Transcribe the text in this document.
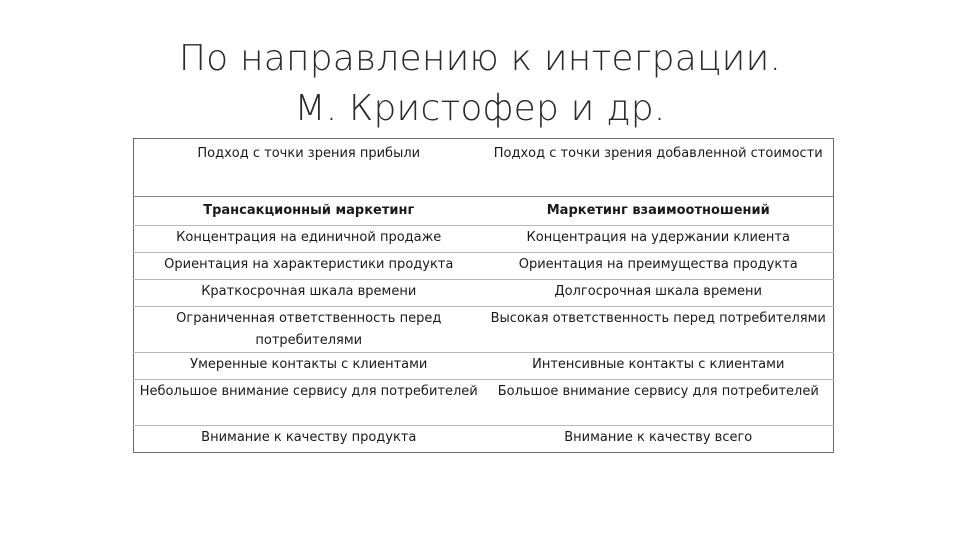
По направлению к интеграции.
М. Кристофер и др.
Подход с точки зрения прибыли	Подход с точки зрения добавленной стоимости
Трансакционный маркетинг	Маркетинг взаимоотношений
Концентрация на единичной продаже	Концентрация на удержании клиента
Ориентация на характеристики продукта	Ориентация на преимущества продукта
Краткосрочная шкала времени	Долгосрочная шкала времени
Ограниченная ответственность перед потребителями	Высокая ответственность перед потребителями
Умеренные контакты с клиентами	Интенсивные контакты с клиентами
Небольшое внимание сервису для потребителей	Большое внимание сервису для потребителей
Внимание к качеству продукта	Внимание к качеству всего
